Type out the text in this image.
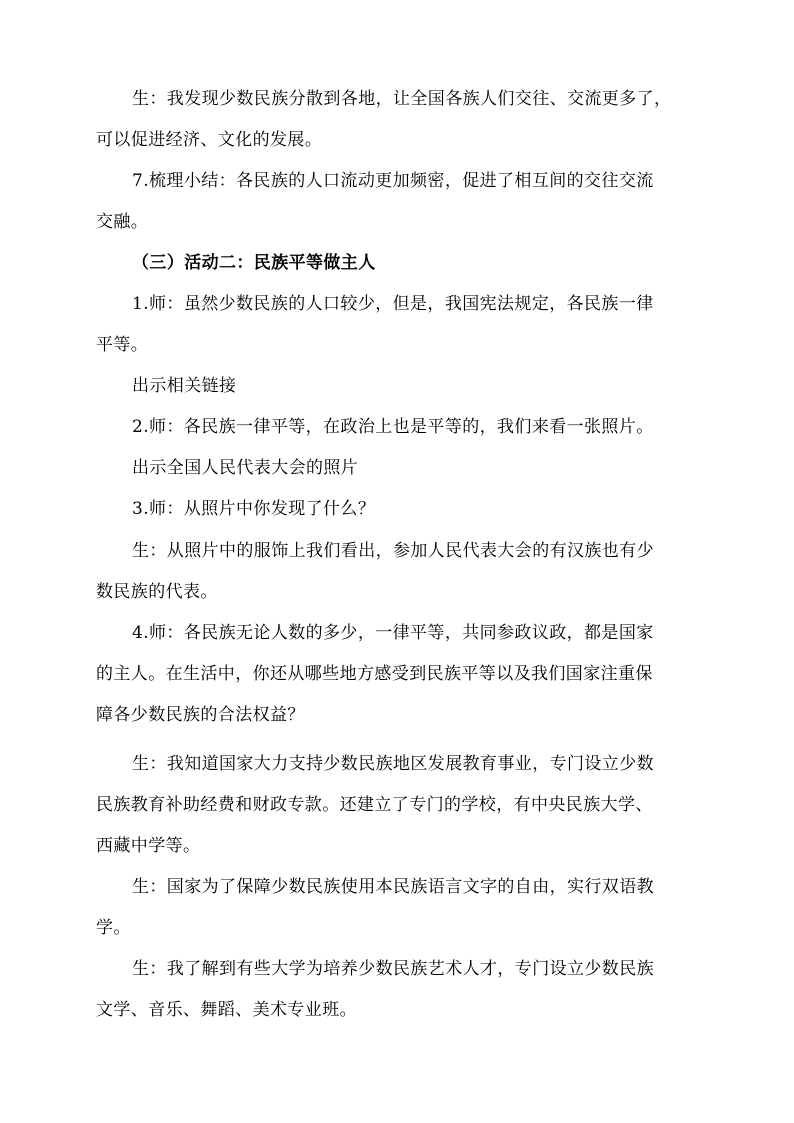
生：我发现少数民族分散到各地，让全国各族人们交往、交流更多了，
可以促进经济、文化的发展。
7.梳理小结：各民族的人口流动更加频密，促进了相互间的交往交流
交融。
（三）活动二：民族平等做主人
1.师：虽然少数民族的人口较少，但是，我国宪法规定，各民族一律
平等。
出示相关链接
2.师：各民族一律平等，在政治上也是平等的，我们来看一张照片。
出示全国人民代表大会的照片
3.师：从照片中你发现了什么？
生：从照片中的服饰上我们看出，参加人民代表大会的有汉族也有少
数民族的代表。
4.师：各民族无论人数的多少，一律平等，共同参政议政，都是国家
的主人。在生活中，你还从哪些地方感受到民族平等以及我们国家注重保
障各少数民族的合法权益？
生：我知道国家大力支持少数民族地区发展教育事业，专门设立少数
民族教育补助经费和财政专款。还建立了专门的学校，有中央民族大学、
西藏中学等。
生：国家为了保障少数民族使用本民族语言文字的自由，实行双语教
学。
生：我了解到有些大学为培养少数民族艺术人才，专门设立少数民族
文学、音乐、舞蹈、美术专业班。
